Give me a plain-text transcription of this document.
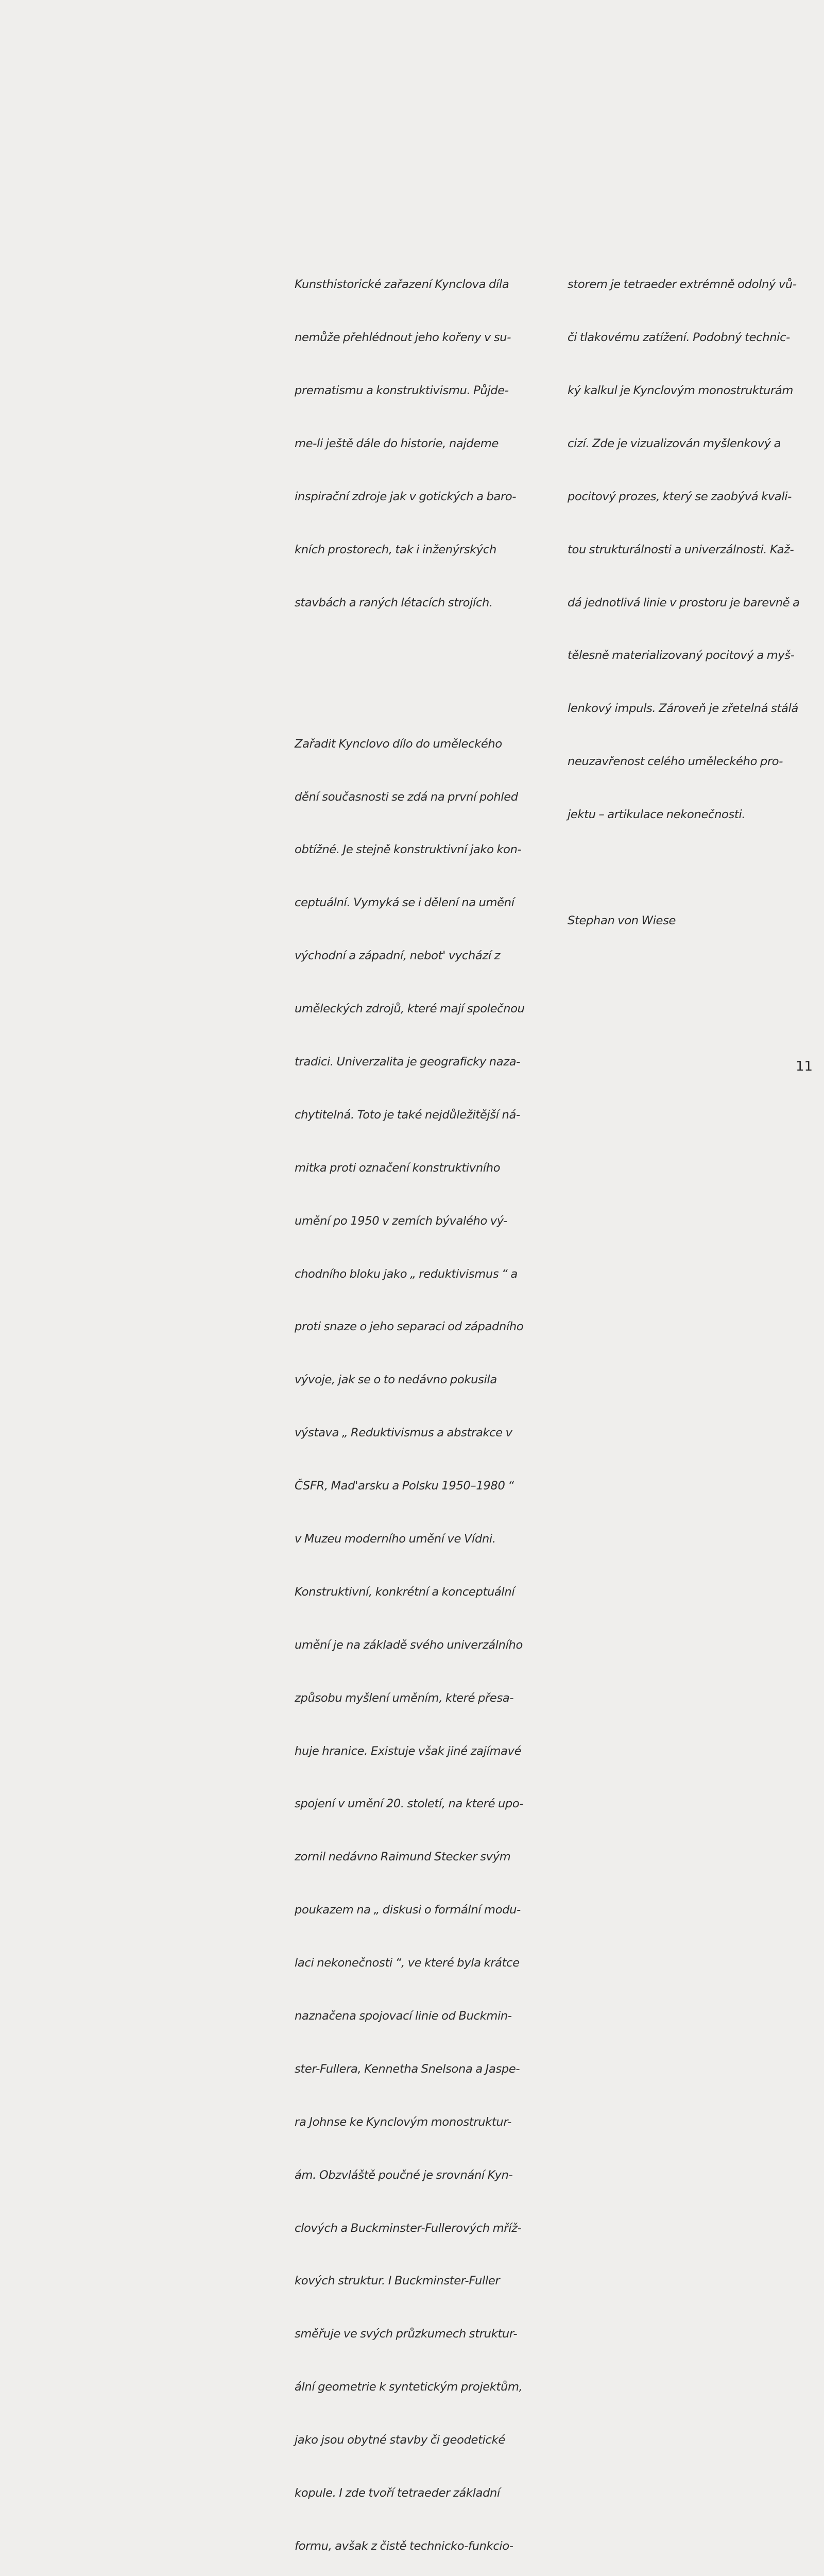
Kunsthistorické zařazení Kynclova díla

nemůže přehlédnout jeho kořeny v su-

prematismu a konstruktivismu. Půjde-

me-li ještě dále do historie, najdeme

inspirační zdroje jak v gotických a baro-

kních prostorech, tak i inženýrských

stavbách a raných létacích strojích.

Zařadit Kynclovo dílo do uměleckého

dění současnosti se zdá na první pohled

obtížné. Je stejně konstruktivní jako kon-

ceptuální. Vymyká se i dělení na umění

východní a západní, nebot' vychází z

uměleckých zdrojů, které mají společnou

tradici. Univerzalita je geograficky naza-

chytitelná. Toto je také nejdůležitější ná-

mitka proti označení konstruktivního

umění po 1950 v zemích bývalého vý-

chodního bloku jako „ reduktivismus “ a

proti snaze o jeho separaci od západního

vývoje, jak se o to nedávno pokusila

výstava „ Reduktivismus a abstrakce v

ČSFR, Mad'arsku a Polsku 1950–1980 “

v Muzeu moderního umění ve Vídni.

Konstruktivní, konkrétní a konceptuální

umění je na základě svého univerzálního

způsobu myšlení uměním, které přesa-

huje hranice. Existuje však jiné zajímavé

spojení v umění 20. století, na které upo-

zornil nedávno Raimund Stecker svým

poukazem na „ diskusi o formální modu-

laci nekonečnosti “, ve které byla krátce

naznačena spojovací linie od Buckmin-

ster-Fullera, Kennetha Snelsona a Jaspe-

ra Johnse ke Kynclovým monostruktur-

ám. Obzvláště poučné je srovnání Kyn-

clových a Buckminster-Fullerových mříž-

kových struktur. I Buckminster-Fuller

směřuje ve svých průzkumech struktur-

ální geometrie k syntetickým projektům,

jako jsou obytné stavby či geodetické

kopule. I zde tvoří tetraeder základní

formu, avšak z čistě technicko-funkcio-

storem je tetraeder extrémně odolný vů-

či tlakovému zatížení. Podobný technic-

ký kalkul je Kynclovým monostrukturám

cizí. Zde je vizualizován myšlenkový a

pocitový prozes, který se zaobývá kvali-

tou strukturálnosti a univerzálnosti. Kaž-

dá jednotlivá linie v prostoru je barevně a

tělesně materializovaný pocitový a myš-

lenkový impuls. Zároveň je zřetelná stálá

neuzavřenost celého uměleckého pro-

jektu – artikulace nekonečnosti.

Stephan von Wiese

11
